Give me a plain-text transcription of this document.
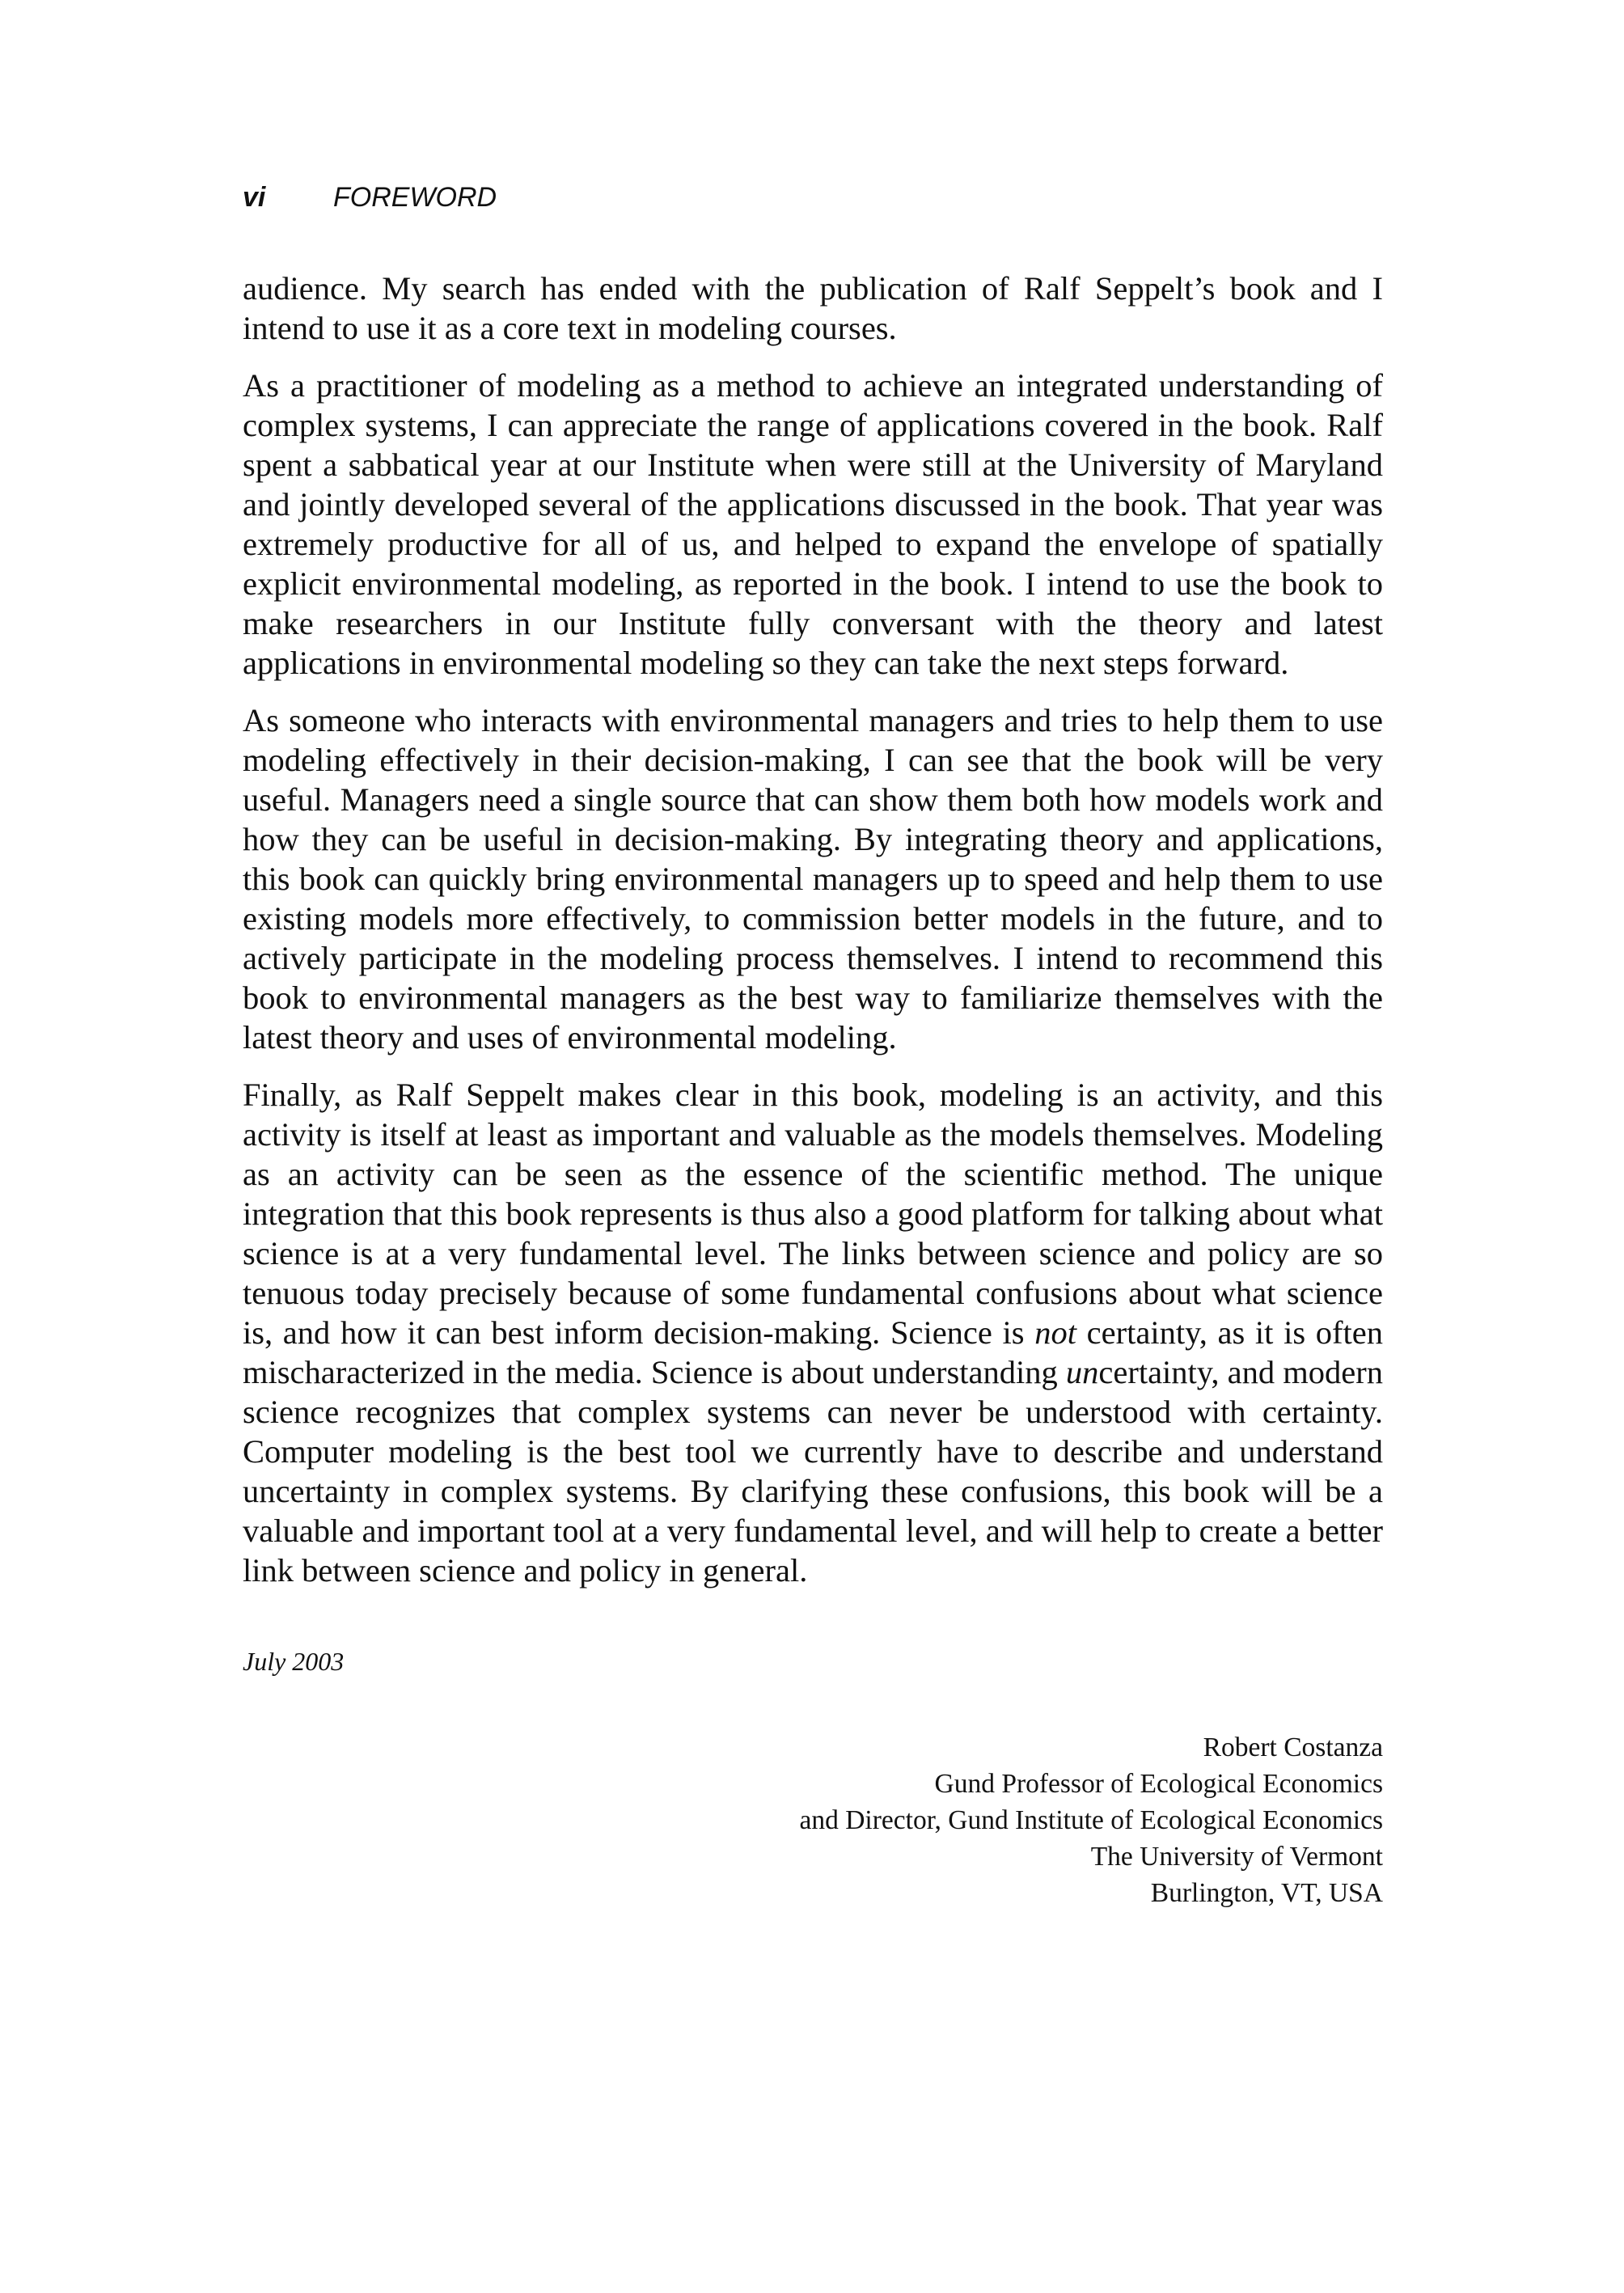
vi FOREWORD

audience. My search has ended with the publication of Ralf Seppelt’s book and I intend to use it as a core text in modeling courses.

As a practitioner of modeling as a method to achieve an integrated understanding of complex systems, I can appreciate the range of applications covered in the book. Ralf spent a sabbatical year at our Institute when were still at the University of Maryland and jointly developed several of the applications discussed in the book. That year was extremely productive for all of us, and helped to expand the envelope of spatially explicit environmental modeling, as reported in the book. I intend to use the book to make researchers in our Institute fully conversant with the theory and latest applications in environmental modeling so they can take the next steps forward.

As someone who interacts with environmental managers and tries to help them to use modeling effectively in their decision-making, I can see that the book will be very useful. Managers need a single source that can show them both how models work and how they can be useful in decision-making. By integrating theory and applications, this book can quickly bring environmental managers up to speed and help them to use existing models more effectively, to commission better models in the future, and to actively participate in the modeling process themselves. I intend to recommend this book to environmental managers as the best way to familiarize themselves with the latest theory and uses of environmental modeling.

Finally, as Ralf Seppelt makes clear in this book, modeling is an activity, and this activity is itself at least as important and valuable as the models themselves. Modeling as an activity can be seen as the essence of the scientific method. The unique integration that this book represents is thus also a good platform for talking about what science is at a very fundamental level. The links between science and policy are so tenuous today precisely because of some fundamental confusions about what science is, and how it can best inform decision-making. Science is not certainty, as it is often mischaracterized in the media. Science is about understanding uncertainty, and modern science recognizes that complex systems can never be understood with certainty. Computer modeling is the best tool we currently have to describe and understand uncertainty in complex systems. By clarifying these confusions, this book will be a valuable and important tool at a very fundamental level, and will help to create a better link between science and policy in general.

July 2003
Robert Costanza
Gund Professor of Ecological Economics
and Director, Gund Institute of Ecological Economics
The University of Vermont
Burlington, VT, USA
